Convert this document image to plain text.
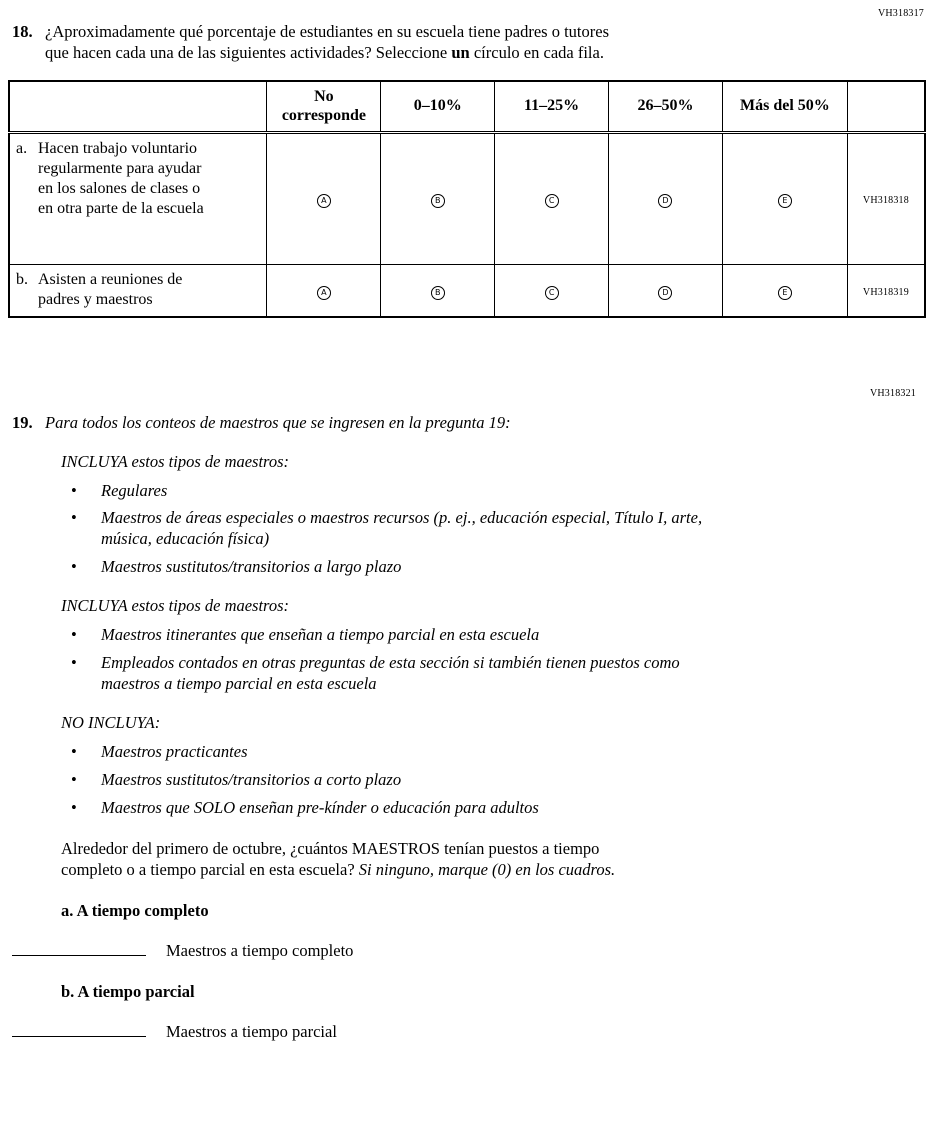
VH318317
18. ¿Aproximadamente qué porcentaje de estudiantes en su escuela tiene padres o tutores que hacen cada una de las siguientes actividades? Seleccione un círculo en cada fila.

	No corresponde	0–10%	11–25%	26–50%	Más del 50%	

a. Hacen trabajo voluntario regularmente para ayudar en los salones de clases o en otra parte de la escuela	A	B	C	D	E	VH318318

b. Asisten a reuniones de padres y maestros	A	B	C	D	E	VH318319
VH318321
19. Para todos los conteos de maestros que se ingresen en la pregunta 19:

INCLUYA estos tipos de maestros:

• Regulares
• Maestros de áreas especiales o maestros recursos (p. ej., educación especial, Título I, arte, música, educación física)
• Maestros sustitutos/transitorios a largo plazo

INCLUYA estos tipos de maestros:

• Maestros itinerantes que enseñan a tiempo parcial en esta escuela
• Empleados contados en otras preguntas de esta sección si también tienen puestos como maestros a tiempo parcial en esta escuela

NO INCLUYA:

• Maestros practicantes
• Maestros sustitutos/transitorios a corto plazo
• Maestros que SOLO enseñan pre-kínder o educación para adultos

Alrededor del primero de octubre, ¿cuántos MAESTROS tenían puestos a tiempo completo o a tiempo parcial en esta escuela? Si ninguno, marque (0) en los cuadros.

a. A tiempo completo

Maestros a tiempo completo

b. A tiempo parcial

Maestros a tiempo parcial
